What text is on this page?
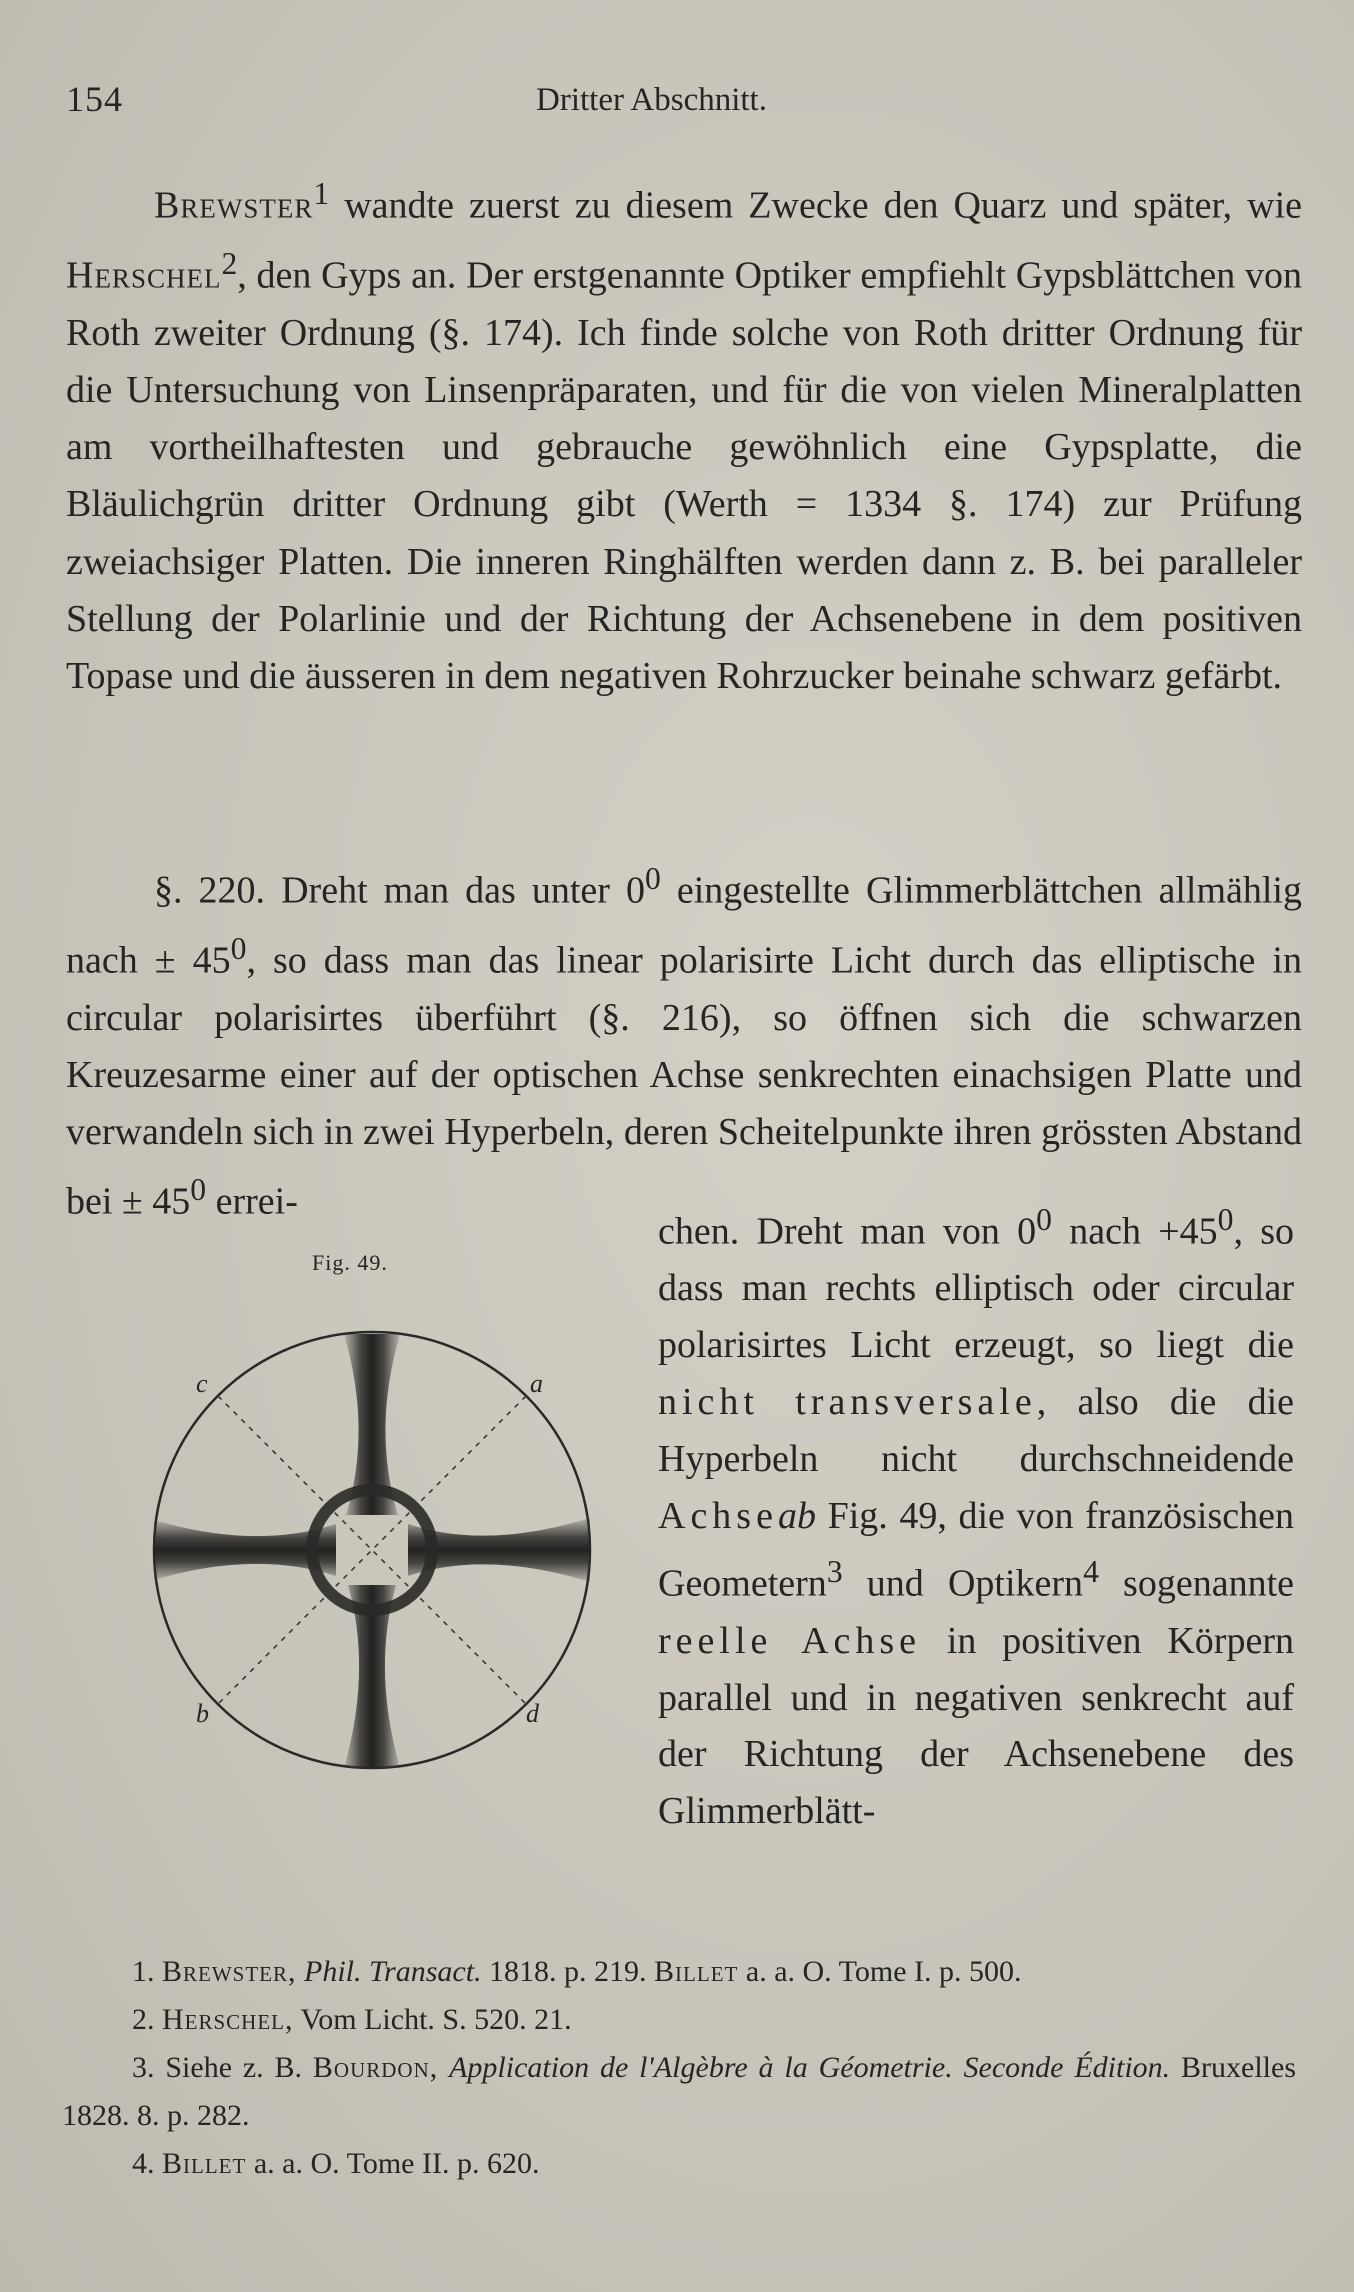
154	Dritter Abschnitt.
Brewster$^1$ wandte zuerst zu diesem Zwecke den Quarz und später, wie Herschel$^2$, den Gyps an. Der erstgenannte Optiker empfiehlt Gypsblättchen von Roth zweiter Ordnung (§. 174). Ich finde solche von Roth dritter Ordnung für die Untersuchung von Linsenpräparaten, und für die von vielen Mineralplatten am vortheilhaftesten und gebrauche gewöhnlich eine Gypsplatte, die Bläulichgrün dritter Ordnung gibt (Werth = 1334 §. 174) zur Prüfung zweiachsiger Platten. Die inneren Ringhälften werden dann z. B. bei paralleler Stellung der Polarlinie und der Richtung der Achsenebene in dem positiven Topase und die äusseren in dem negativen Rohrzucker beinahe schwarz gefärbt.
§. 220. Dreht man das unter $0^0$ eingestellte Glimmerblättchen allmählig nach ± $45^0$, so dass man das linear polarisirte Licht durch das elliptische in circular polarisirtes überführt (§. 216), so öffnen sich die schwarzen Kreuzesarme einer auf der optischen Achse senkrechten einachsigen Platte und verwandeln sich in zwei Hyperbeln, deren Scheitelpunkte ihren grössten Abstand bei ± $45^0$ errei-
Fig. 49.
c	a
b	d
chen. Dreht man von $0^0$ nach $+45^0$, so dass man rechts elliptisch oder circular polarisirtes Licht erzeugt, so liegt die nicht transversale, also die die Hyperbeln nicht durchschneidende Achseab Fig. 49, die von französischen Geometern$^3$ und Optikern$^4$ sogenannte reelle Achse in positiven Körpern parallel und in negativen senkrecht auf der Richtung der Achsenebene des Glimmerblätt-
1. Brewster, Phil. Transact. 1818. p. 219. Billet a. a. O. Tome I. p. 500.
2. Herschel, Vom Licht. S. 520. 21.
3. Siehe z. B. Bourdon, Application de l'Algèbre à la Géometrie. Seconde Édition. Bruxelles 1828. 8. p. 282.
4. Billet a. a. O. Tome II. p. 620.
